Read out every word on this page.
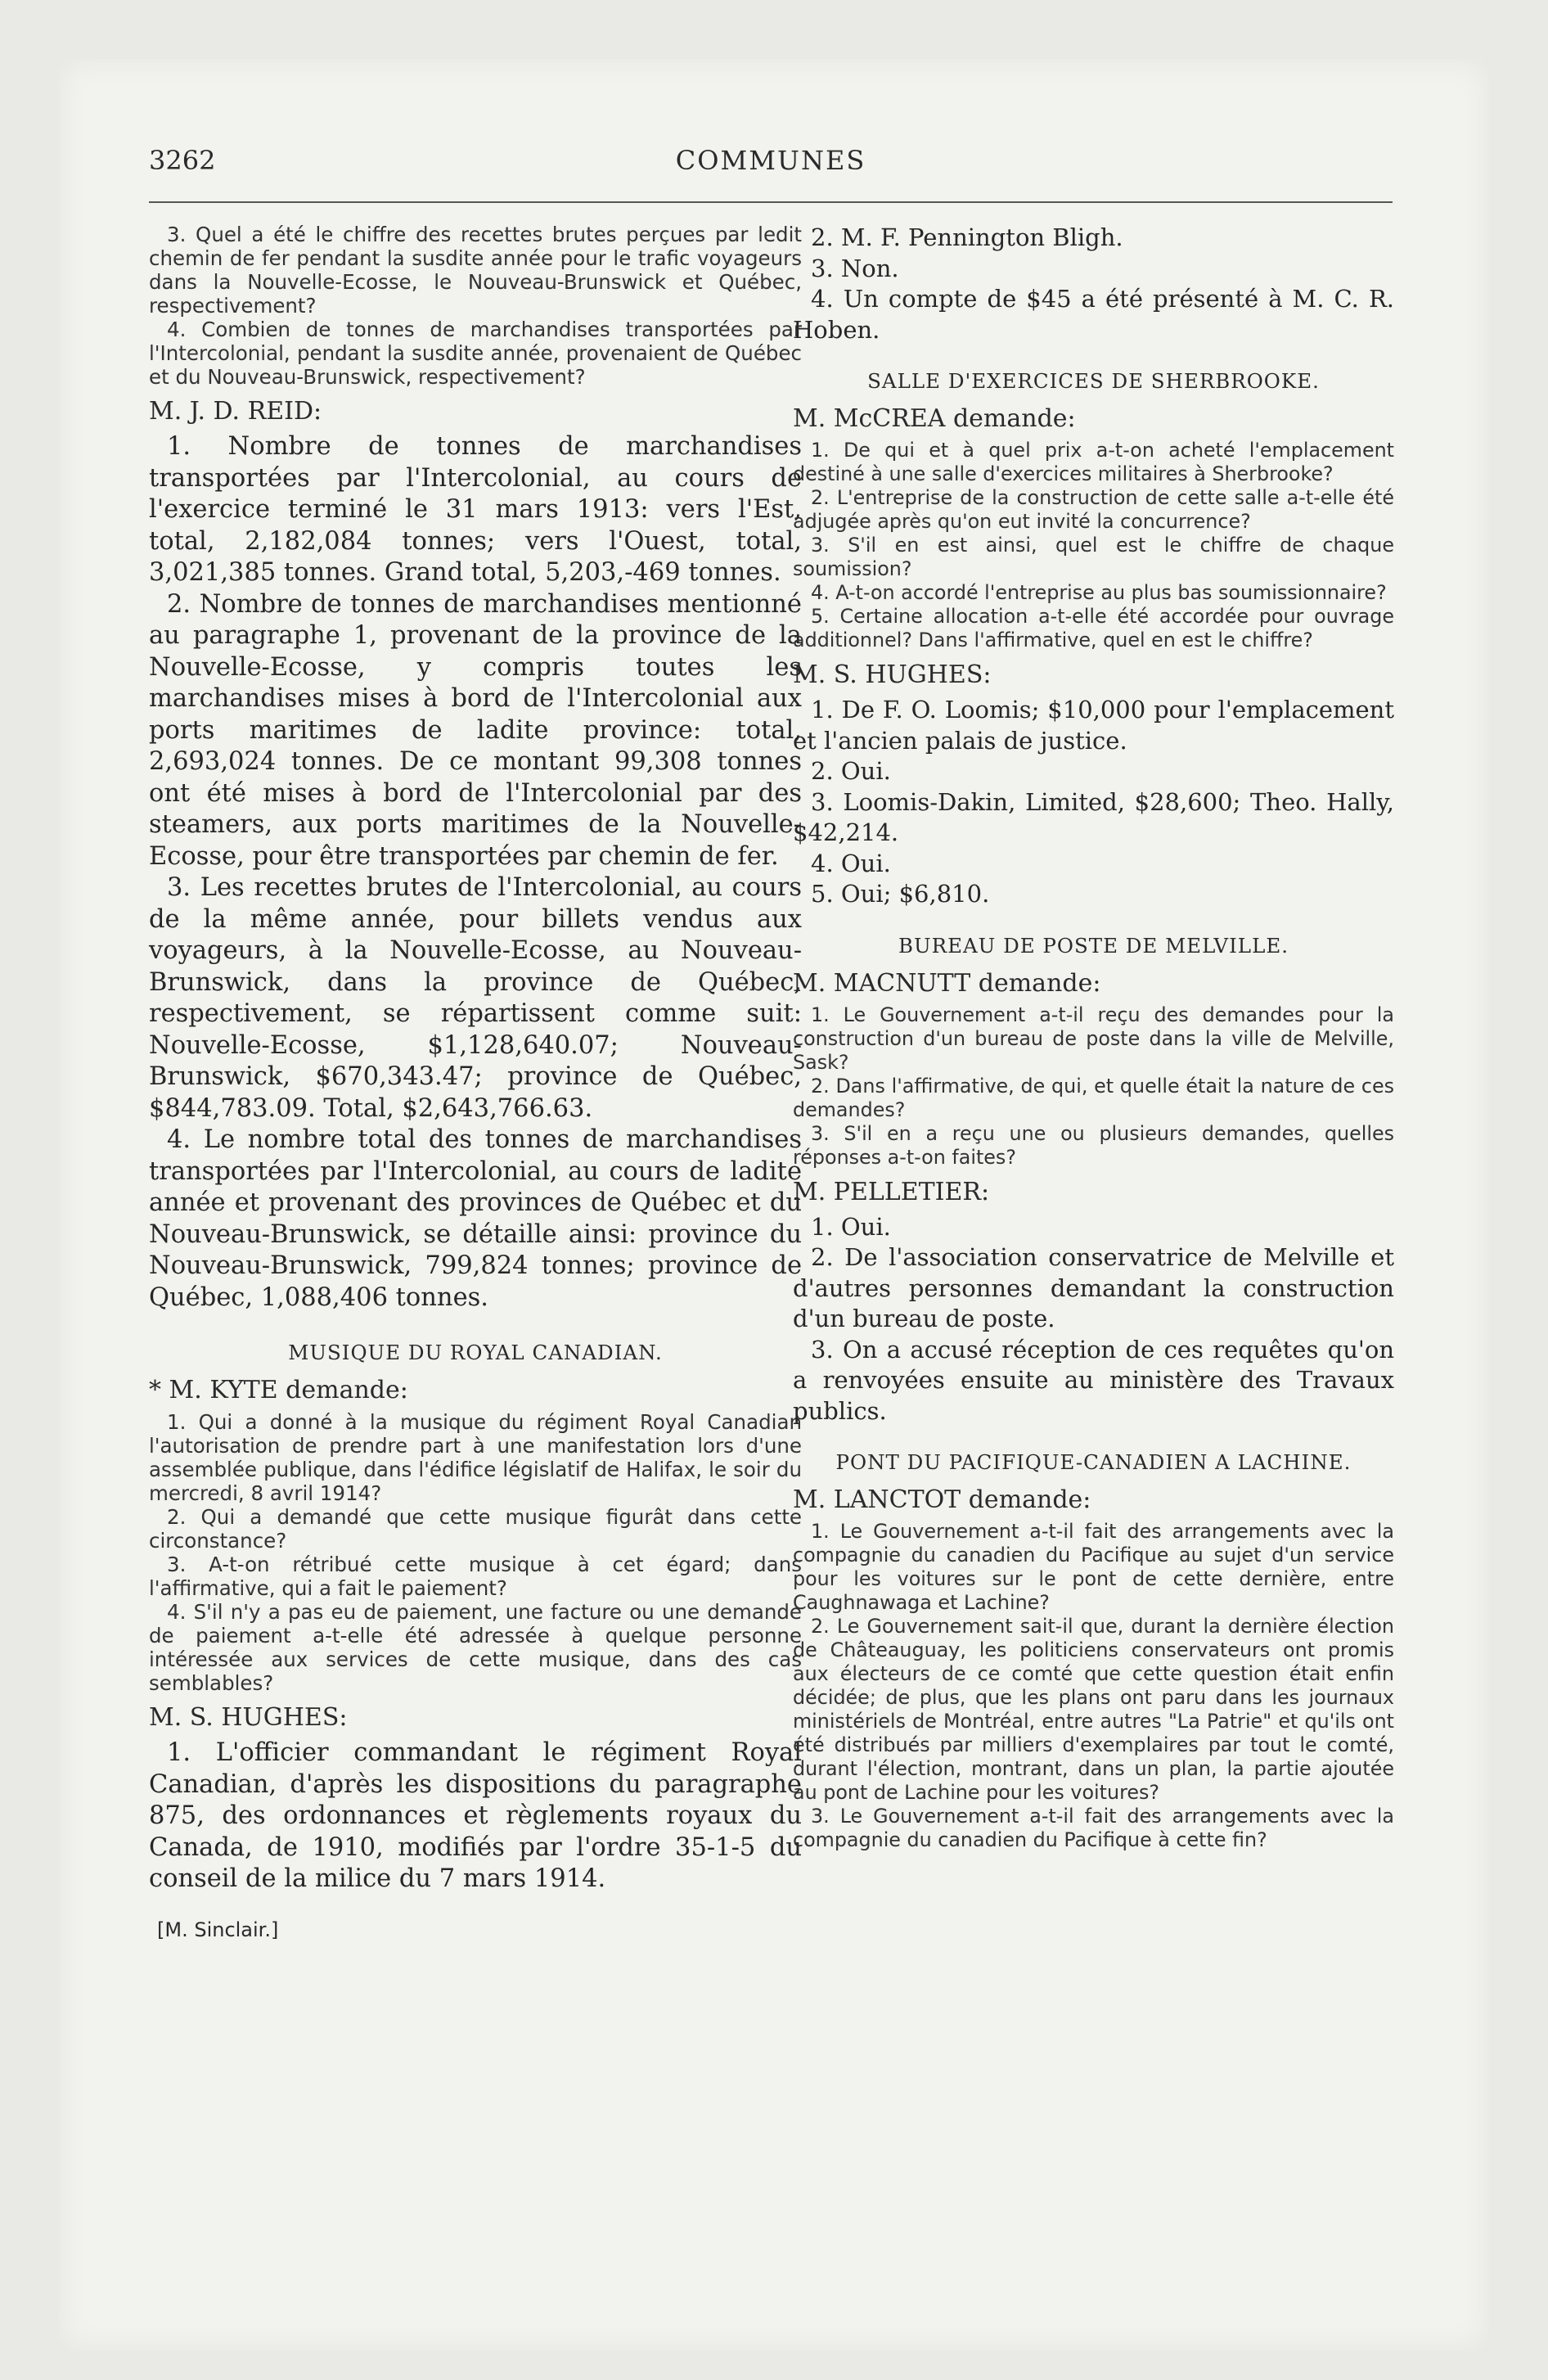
3262	COMMUNES

3. Quel a été le chiffre des recettes brutes perçues par ledit chemin de fer pendant la susdite année pour le trafic voyageurs dans la Nouvelle-Ecosse, le Nouveau-Brunswick et Québec, respectivement?

4. Combien de tonnes de marchandises transportées par l'Intercolonial, pendant la susdite année, provenaient de Québec et du Nouveau-Brunswick, respectivement?

M. J. D. REID:

1. Nombre de tonnes de marchandises transportées par l'Intercolonial, au cours de l'exercice terminé le 31 mars 1913: vers l'Est, total, 2,182,084 tonnes; vers l'Ouest, total, 3,021,385 tonnes. Grand total, 5,203,-469 tonnes.

2. Nombre de tonnes de marchandises mentionné au paragraphe 1, provenant de la province de la Nouvelle-Ecosse, y compris toutes les marchandises mises à bord de l'Intercolonial aux ports maritimes de ladite province: total, 2,693,024 tonnes. De ce montant 99,308 tonnes ont été mises à bord de l'Intercolonial par des steamers, aux ports maritimes de la Nouvelle-Ecosse, pour être transportées par chemin de fer.

3. Les recettes brutes de l'Intercolonial, au cours de la même année, pour billets vendus aux voyageurs, à la Nouvelle-Ecosse, au Nouveau-Brunswick, dans la province de Québec, respectivement, se répartissent comme suit: Nouvelle-Ecosse, $1,128,640.07; Nouveau-Brunswick, $670,343.47; province de Québec, $844,783.09. Total, $2,643,766.63.

4. Le nombre total des tonnes de marchandises transportées par l'Intercolonial, au cours de ladite année et provenant des provinces de Québec et du Nouveau-Brunswick, se détaille ainsi: province du Nouveau-Brunswick, 799,824 tonnes; province de Québec, 1,088,406 tonnes.

MUSIQUE DU ROYAL CANADIAN.
* M. KYTE demande:

1. Qui a donné à la musique du régiment Royal Canadian l'autorisation de prendre part à une manifestation lors d'une assemblée publique, dans l'édifice législatif de Halifax, le soir du mercredi, 8 avril 1914?

2. Qui a demandé que cette musique figurât dans cette circonstance?

3. A-t-on rétribué cette musique à cet égard; dans l'affirmative, qui a fait le paiement?

4. S'il n'y a pas eu de paiement, une facture ou une demande de paiement a-t-elle été adressée à quelque personne intéressée aux services de cette musique, dans des cas semblables?

M. S. HUGHES:

1. L'officier commandant le régiment Royal Canadian, d'après les dispositions du paragraphe 875, des ordonnances et règlements royaux du Canada, de 1910, modifiés par l'ordre 35-1-5 du conseil de la milice du 7 mars 1914.

[M. Sinclair.]

2. M. F. Pennington Bligh.

3. Non.

4. Un compte de $45 a été présenté à M. C. R. Hoben.

SALLE D'EXERCICES DE SHERBROOKE.
M. McCREA demande:

1. De qui et à quel prix a-t-on acheté l'emplacement destiné à une salle d'exercices militaires à Sherbrooke?

2. L'entreprise de la construction de cette salle a-t-elle été adjugée après qu'on eut invité la concurrence?

3. S'il en est ainsi, quel est le chiffre de chaque soumission?

4. A-t-on accordé l'entreprise au plus bas soumissionnaire?

5. Certaine allocation a-t-elle été accordée pour ouvrage additionnel? Dans l'affirmative, quel en est le chiffre?

M. S. HUGHES:

1. De F. O. Loomis; $10,000 pour l'emplacement et l'ancien palais de justice.

2. Oui.

3. Loomis-Dakin, Limited, $28,600; Theo. Hally, $42,214.

4. Oui.

5. Oui; $6,810.

BUREAU DE POSTE DE MELVILLE.
M. MACNUTT demande:

1. Le Gouvernement a-t-il reçu des demandes pour la construction d'un bureau de poste dans la ville de Melville, Sask?

2. Dans l'affirmative, de qui, et quelle était la nature de ces demandes?

3. S'il en a reçu une ou plusieurs demandes, quelles réponses a-t-on faites?

M. PELLETIER:

1. Oui.

2. De l'association conservatrice de Melville et d'autres personnes demandant la construction d'un bureau de poste.

3. On a accusé réception de ces requêtes qu'on a renvoyées ensuite au ministère des Travaux publics.

PONT DU PACIFIQUE-CANADIEN A LACHINE.
M. LANCTOT demande:

1. Le Gouvernement a-t-il fait des arrangements avec la compagnie du canadien du Pacifique au sujet d'un service pour les voitures sur le pont de cette dernière, entre Caughnawaga et Lachine?

2. Le Gouvernement sait-il que, durant la dernière élection de Châteauguay, les politiciens conservateurs ont promis aux électeurs de ce comté que cette question était enfin décidée; de plus, que les plans ont paru dans les journaux ministériels de Montréal, entre autres "La Patrie" et qu'ils ont été distribués par milliers d'exemplaires par tout le comté, durant l'élection, montrant, dans un plan, la partie ajoutée au pont de Lachine pour les voitures?

3. Le Gouvernement a-t-il fait des arrangements avec la compagnie du canadien du Pacifique à cette fin?
